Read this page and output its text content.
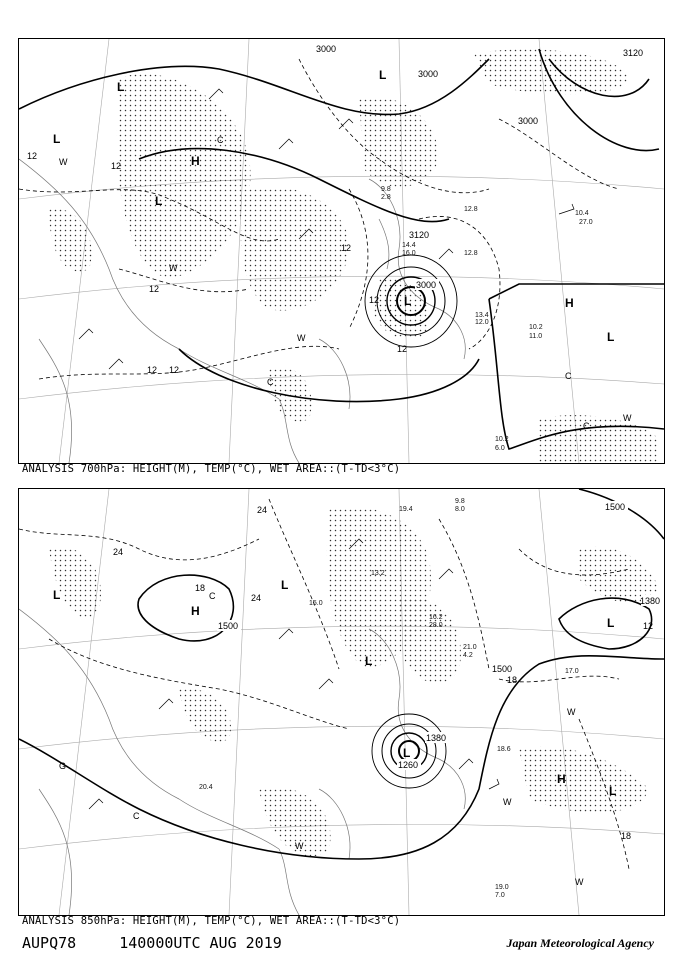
10.2
11.0
10.2
6.0
12.8
13.4
12.0
14.4
16.0
12.8
27.0
10.4
9.8
2.8
3000
3000
3000
3120
3000
3120
12
12
12
12
12
12
12 12
L
L
L
L
L
L
H
H
W
W
W
W
C
C
C
C
ANALYSIS 700hPa: HEIGHT(M), TEMP(°C), WET AREA::(T-TD<3°C)
9.8
8.0
19.0
7.0
18.6
21.0
4.2
28.0
16.2
19.4
20.4
15.0
13.2
17.0
1500
1500
1500
1380
1380
1260
24
24
24
18
18
18
12
L
L
L
L
L
L
H
H
W
W
W
W
C
C
G
ANALYSIS 850hPa: HEIGHT(M), TEMP(°C), WET AREA::(T-TD<3°C)
AUPQ78	140000UTC AUG 2019	Japan Meteorological Agency
